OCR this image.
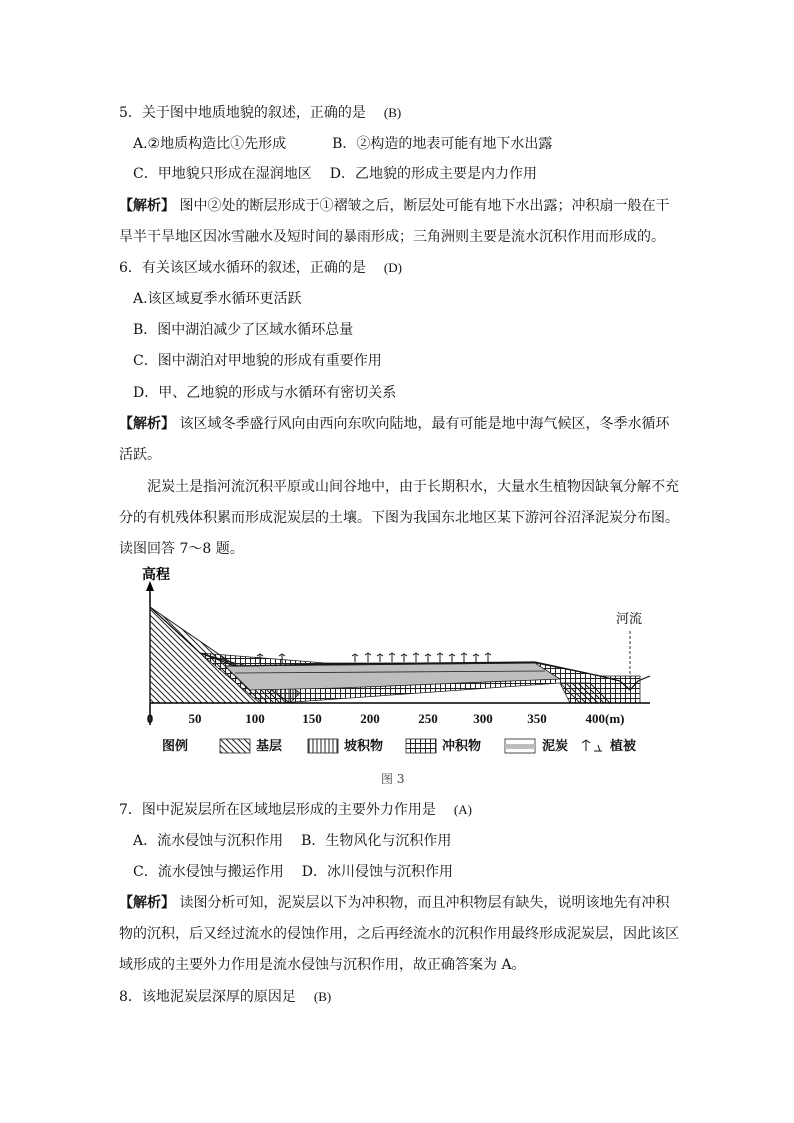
5．关于图中地质地貌的叙述，正确的是 (B)
A.②地质构造比①先形成	B．②构造的地表可能有地下水出露
C．甲地貌只形成在湿润地区 D．乙地貌的形成主要是内力作用
【解析】 图中②处的断层形成于①褶皱之后，断层处可能有地下水出露；冲积扇一般在干
旱半干旱地区因冰雪融水及短时间的暴雨形成；三角洲则主要是流水沉积作用而形成的。
6．有关该区域水循环的叙述，正确的是 (D)
A.该区域夏季水循环更活跃
B．图中湖泊减少了区域水循环总量
C．图中湖泊对甲地貌的形成有重要作用
D．甲、乙地貌的形成与水循环有密切关系
【解析】 该区域冬季盛行风向由西向东吹向陆地，最有可能是地中海气候区，冬季水循环
活跃。
泥炭土是指河流沉积平原或山间谷地中，由于长期积水，大量水生植物因缺氧分解不充
分的有机残体积累而形成泥炭层的土壤。下图为我国东北地区某下游河谷沼泽泥炭分布图。
读图回答 7～8 题。
高程
河流
0	50	100	150	200	250	300	350	400(m)
图例	基层	坡积物	冲积物	泥炭	植被
图 3
7．图中泥炭层所在区域地层形成的主要外力作用是 (A)
A．流水侵蚀与沉积作用 B．生物风化与沉积作用
C．流水侵蚀与搬运作用 D．冰川侵蚀与沉积作用
【解析】 读图分析可知，泥炭层以下为冲积物，而且冲积物层有缺失，说明该地先有冲积
物的沉积，后又经过流水的侵蚀作用，之后再经流水的沉积作用最终形成泥炭层，因此该区
域形成的主要外力作用是流水侵蚀与沉积作用，故正确答案为 A。
8．该地泥炭层深厚的原因足 (B)
